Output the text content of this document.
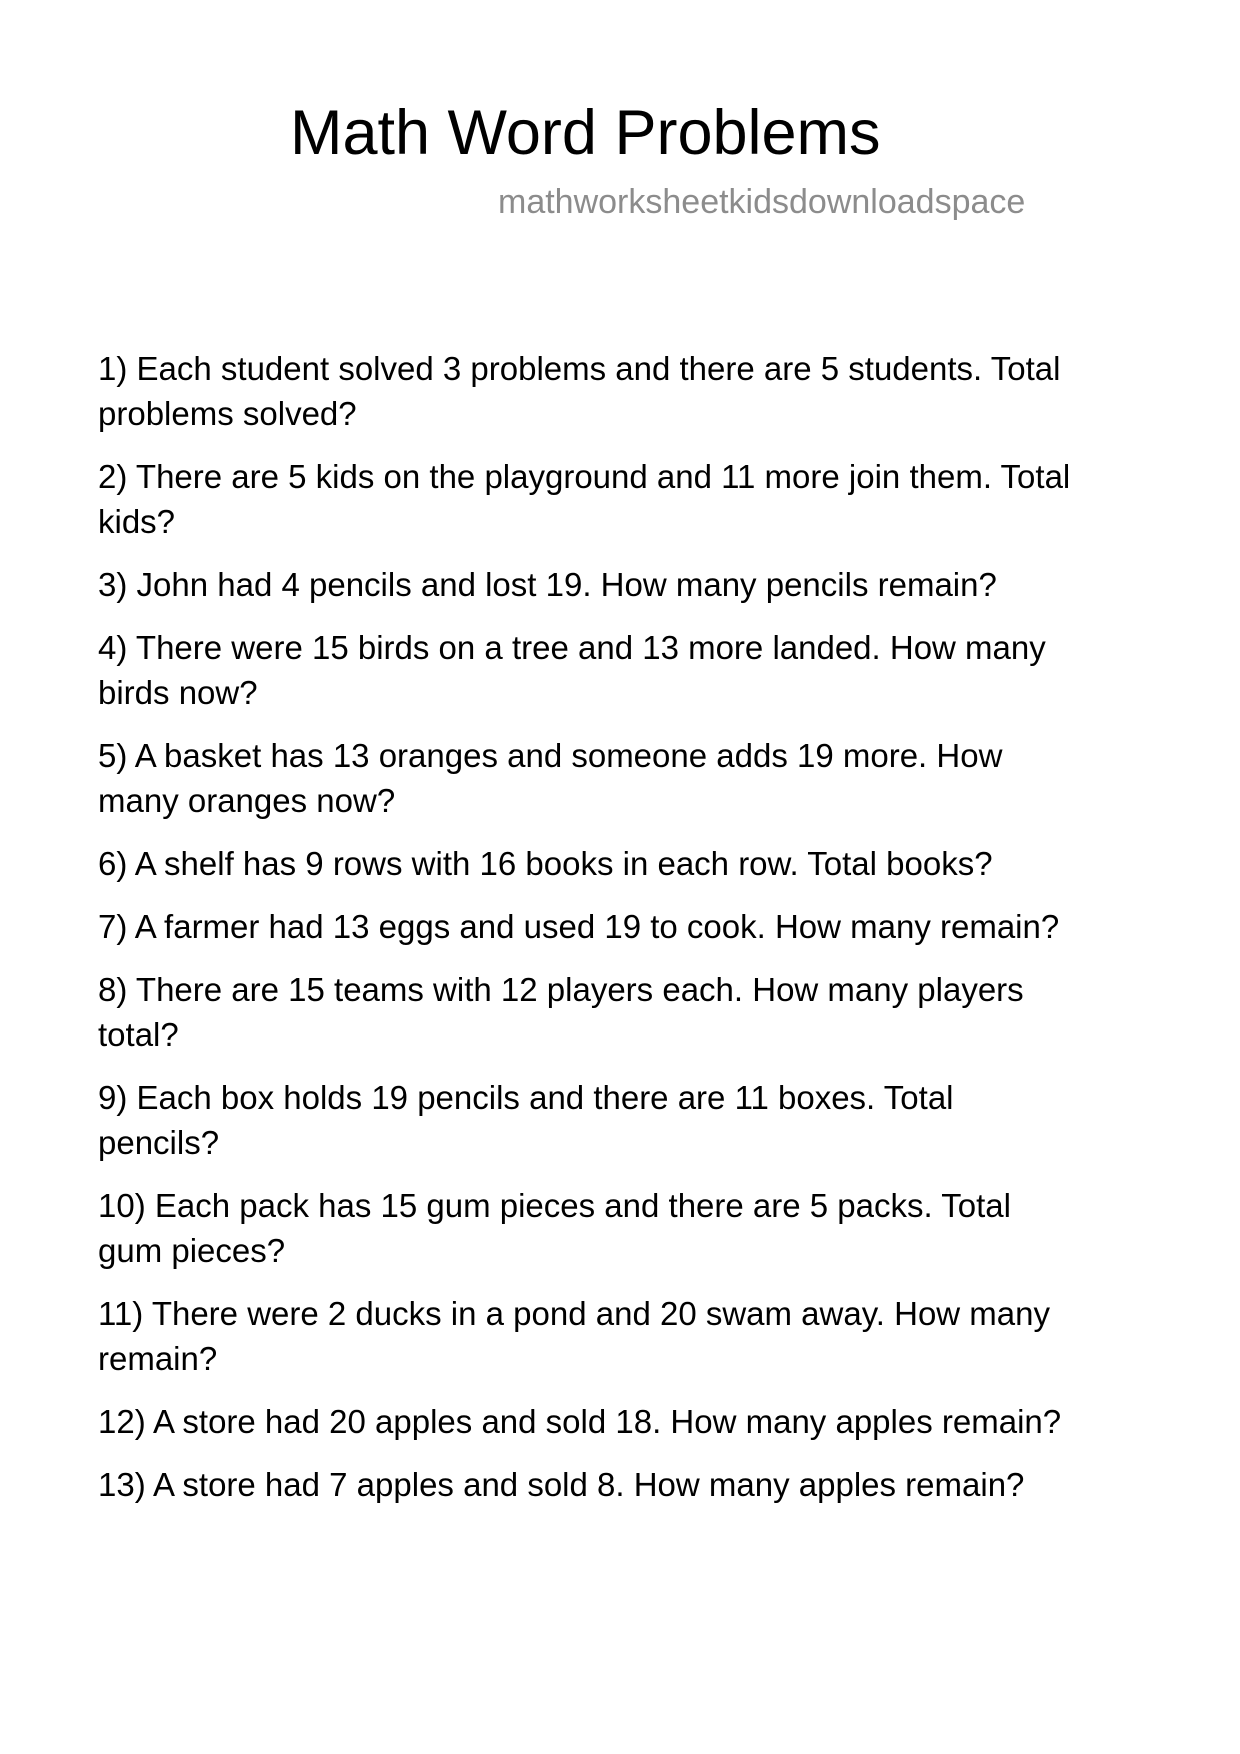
Math Word Problems
mathworksheetkidsdownloadspace

1) Each student solved 3 problems and there are 5 students. Total problems solved?

2) There are 5 kids on the playground and 11 more join them. Total kids?

3) John had 4 pencils and lost 19. How many pencils remain?

4) There were 15 birds on a tree and 13 more landed. How many birds now?

5) A basket has 13 oranges and someone adds 19 more. How many oranges now?

6) A shelf has 9 rows with 16 books in each row. Total books?

7) A farmer had 13 eggs and used 19 to cook. How many remain?

8) There are 15 teams with 12 players each. How many players total?

9) Each box holds 19 pencils and there are 11 boxes. Total pencils?

10) Each pack has 15 gum pieces and there are 5 packs. Total gum pieces?

11) There were 2 ducks in a pond and 20 swam away. How many remain?

12) A store had 20 apples and sold 18. How many apples remain?

13) A store had 7 apples and sold 8. How many apples remain?
